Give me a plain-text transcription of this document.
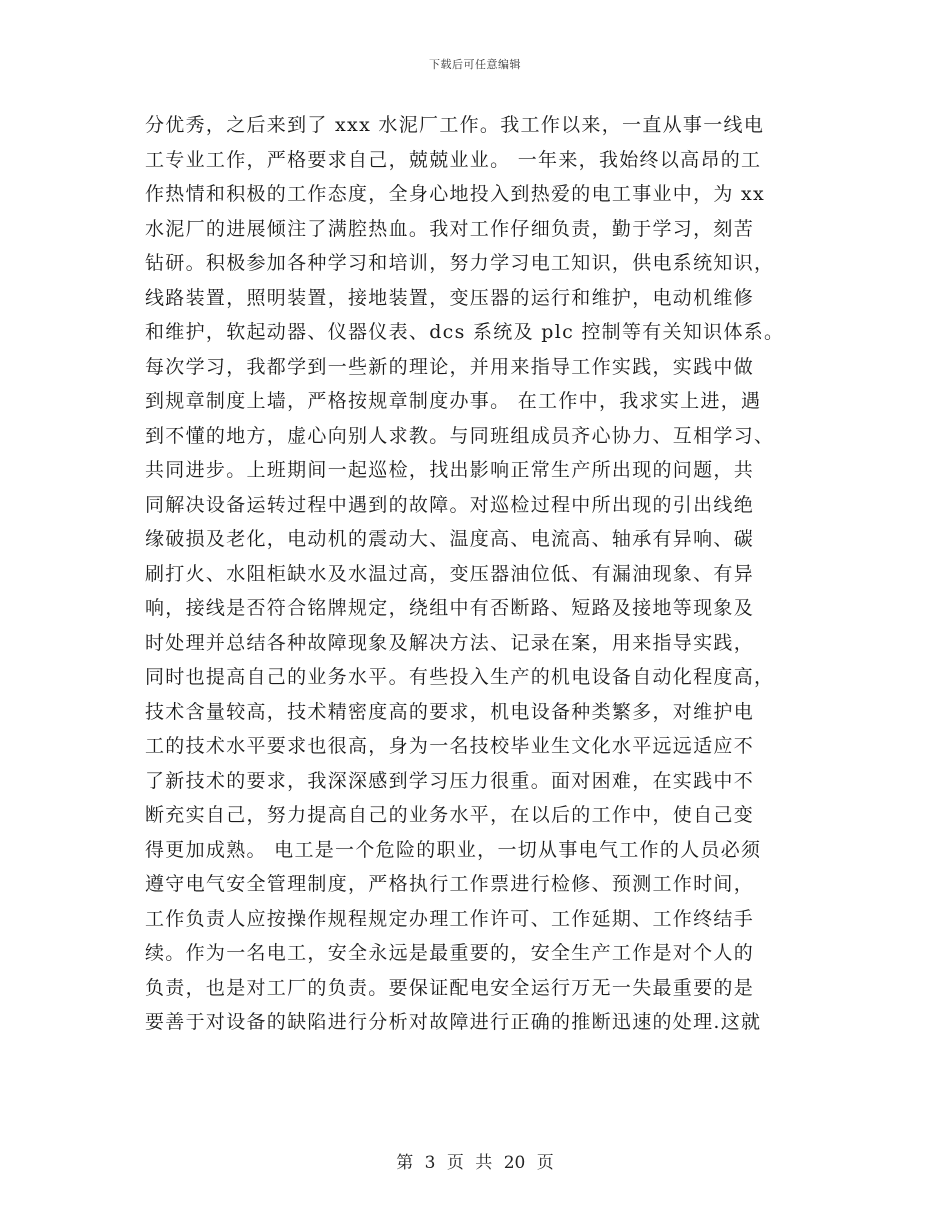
下载后可任意编辑
分优秀，之后来到了 xxx 水泥厂工作。我工作以来，一直从事一线电
工专业工作，严格要求自己，兢兢业业。 一年来，我始终以高昂的工
作热情和积极的工作态度，全身心地投入到热爱的电工事业中，为 xx
水泥厂的进展倾注了满腔热血。我对工作仔细负责，勤于学习，刻苦
钻研。积极参加各种学习和培训，努力学习电工知识，供电系统知识，
线路装置，照明装置，接地装置，变压器的运行和维护，电动机维修
和维护，软起动器、仪器仪表、dcs 系统及 plc 控制等有关知识体系。
每次学习，我都学到一些新的理论，并用来指导工作实践，实践中做
到规章制度上墙，严格按规章制度办事。 在工作中，我求实上进，遇
到不懂的地方，虚心向别人求教。与同班组成员齐心协力、互相学习、
共同进步。上班期间一起巡检，找出影响正常生产所出现的问题，共
同解决设备运转过程中遇到的故障。对巡检过程中所出现的引出线绝
缘破损及老化，电动机的震动大、温度高、电流高、轴承有异响、碳
刷打火、水阻柜缺水及水温过高，变压器油位低、有漏油现象、有异
响，接线是否符合铭牌规定，绕组中有否断路、短路及接地等现象及
时处理并总结各种故障现象及解决方法、记录在案，用来指导实践，
同时也提高自己的业务水平。有些投入生产的机电设备自动化程度高，
技术含量较高，技术精密度高的要求，机电设备种类繁多，对维护电
工的技术水平要求也很高，身为一名技校毕业生文化水平远远适应不
了新技术的要求，我深深感到学习压力很重。面对困难，在实践中不
断充实自己，努力提高自己的业务水平，在以后的工作中，使自己变
得更加成熟。 电工是一个危险的职业，一切从事电气工作的人员必须
遵守电气安全管理制度，严格执行工作票进行检修、预测工作时间，
工作负责人应按操作规程规定办理工作许可、工作延期、工作终结手
续。作为一名电工，安全永远是最重要的，安全生产工作是对个人的
负责，也是对工厂的负责。要保证配电安全运行万无一失最重要的是
要善于对设备的缺陷进行分析对故障进行正确的推断迅速的处理.这就
第 3 页 共 20 页
